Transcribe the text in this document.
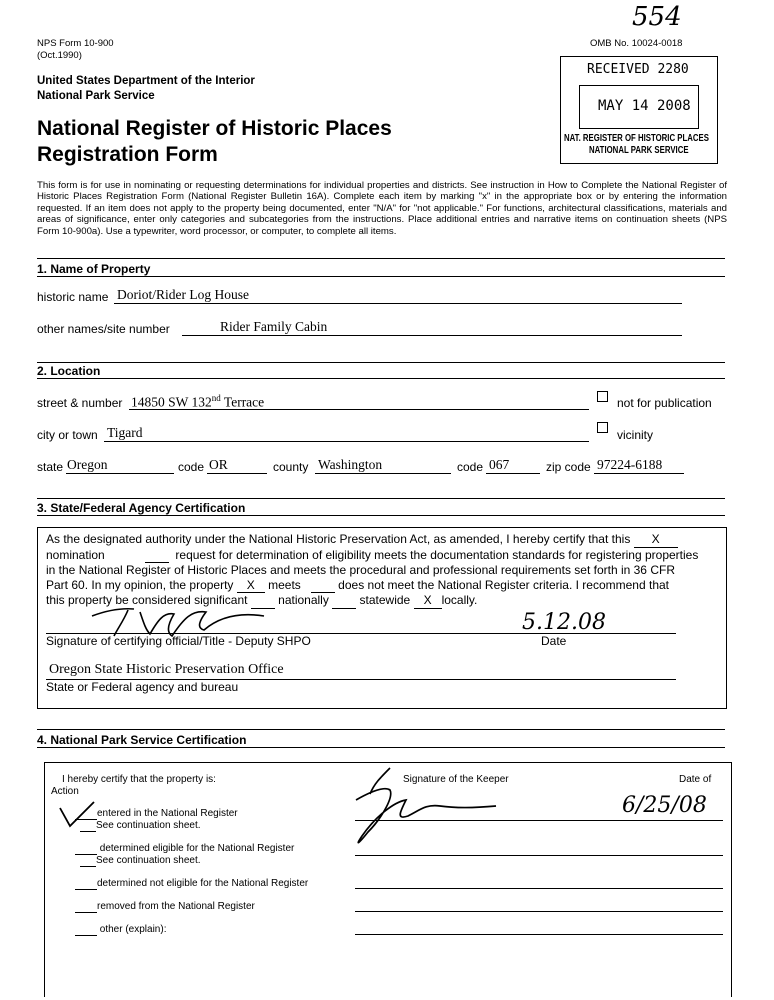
NPS Form 10-900
(Oct.1990)
OMB No. 10024-0018
554
United States Department of the Interior
National Park Service
National Register of Historic Places
Registration Form
RECEIVED 2280
MAY 14 2008
NAT. REGISTER OF HISTORIC PLACES
NATIONAL PARK SERVICE
This form is for use in nominating or requesting determinations for individual properties and districts. See instruction in How to Complete the National Register of Historic Places Registration Form (National Register Bulletin 16A). Complete each item by marking "x" in the appropriate box or by entering the information requested. If an item does not apply to the property being documented, enter "N/A" for "not applicable." For functions, architectural classifications, materials and areas of significance, enter only categories and subcategories from the instructions. Place additional entries and narrative items on continuation sheets (NPS Form 10-900a). Use a typewriter, word processor, or computer, to complete all items.
1. Name of Property
historic name Doriot/Rider Log House
other names/site number	Rider Family Cabin
2. Location
street & number 14850 SW 132nd Terrace	not for publication
city or town Tigard	vicinity
state Oregon	code OR	county Washington	code 067	zip code 97224-6188
3. State/Federal Agency Certification
As the designated authority under the National Historic Preservation Act, as amended, I hereby certify that this X
nomination	request for determination of eligibility meets the documentation standards for registering properties
in the National Register of Historic Places and meets the procedural and professional requirements set forth in 36 CFR
Part 60. In my opinion, the property X meets	does not meet the National Register criteria. I recommend that
this property be considered significant	nationally	statewide X locally.
5.12.08
Signature of certifying official/Title - Deputy SHPO	Date
Oregon State Historic Preservation Office
State or Federal agency and bureau
4. National Park Service Certification
I hereby certify that the property is:
Action
Signature of the Keeper	Date of
entered in the National Register
See continuation sheet.
determined eligible for the National Register
See continuation sheet.
determined not eligible for the National Register
removed from the National Register
other (explain):
6/25/08
